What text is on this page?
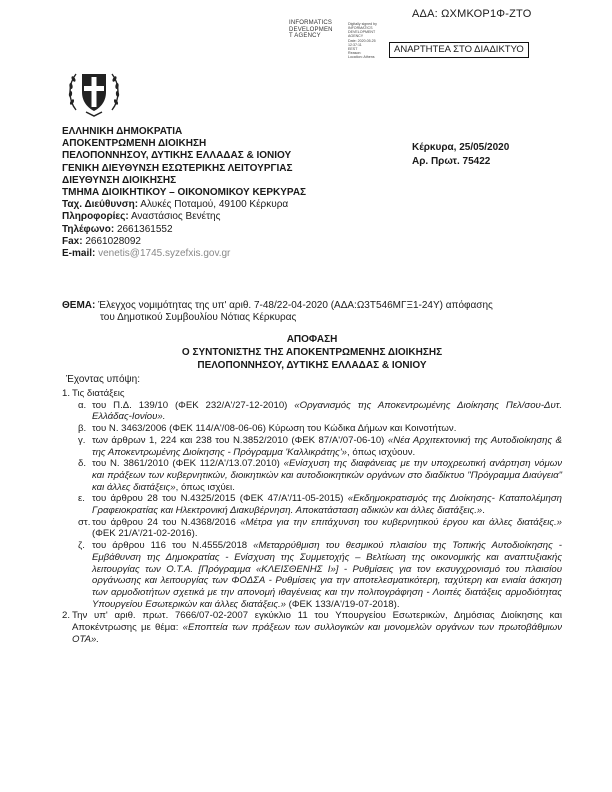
ΑΔΑ: ΩΧΜΚΟΡ1Φ-ΖΤΟ
INFORMATICS
DEVELOPMEN
T AGENCY
Digitally signed by
INFORMATICS
DEVELOPMENT AGENCY
Date: 2020.05.25 12:37:11
EEST
Reason:
Location: Athens
ΑΝΑΡΤΗΤΕΑ ΣΤΟ ΔΙΑΔΙΚΤΥΟ
ΕΛΛΗΝΙΚΗ ΔΗΜΟΚΡΑΤΙΑ
ΑΠΟΚΕΝΤΡΩΜΕΝΗ ΔΙΟΙΚΗΣΗ
ΠΕΛΟΠΟΝΝΗΣΟΥ, ΔΥΤΙΚΗΣ ΕΛΛΑΔΑΣ & ΙΟΝΙΟΥ
ΓΕΝΙΚΗ ΔΙΕΥΘΥΝΣΗ ΕΣΩΤΕΡΙΚΗΣ ΛΕΙΤΟΥΡΓΙΑΣ
ΔΙΕΥΘΥΝΣΗ ΔΙΟΙΚΗΣΗΣ
ΤΜΗΜΑ ΔΙΟΙΚΗΤΙΚΟΥ – ΟΙΚΟΝΟΜΙΚΟΥ ΚΕΡΚΥΡΑΣ
Ταχ. Διεύθυνση: Αλυκές Ποταμού, 49100 Κέρκυρα
Πληροφορίες: Αναστάσιος Βενέτης
Τηλέφωνο: 2661361552
Fax: 2661028092
E-mail: venetis@1745.syzefxis.gov.gr
Κέρκυρα, 25/05/2020
Αρ. Πρωτ. 75422
ΘΕΜΑ: Έλεγχος νομιμότητας της υπ' αριθ. 7-48/22-04-2020 (ΑΔΑ:Ω3Τ546ΜΓΞ1-24Υ) απόφασης
του Δημοτικού Συμβουλίου Νότιας Κέρκυρας
ΑΠΟΦΑΣΗ
Ο ΣΥΝΤΟΝΙΣΤΗΣ ΤΗΣ ΑΠΟΚΕΝΤΡΩΜΕΝΗΣ ΔΙΟΙΚΗΣΗΣ
ΠΕΛΟΠΟΝΝΗΣΟΥ, ΔΥΤΙΚΗΣ ΕΛΛΑΔΑΣ & ΙΟΝΙΟΥ
Έχοντας υπόψη:
1. Τις διατάξεις
α. του Π.Δ. 139/10 (ΦΕΚ 232/Α'/27-12-2010) «Οργανισμός της Αποκεντρωμένης Διοίκησης Πελ/σου-Δυτ. Ελλάδας-Ιονίου».
β. του Ν. 3463/2006 (ΦΕΚ 114/Α'/08-06-06) Κύρωση του Κώδικα Δήμων και Κοινοτήτων.
γ. των άρθρων 1, 224 και 238 του Ν.3852/2010 (ΦΕΚ 87/Α'/07-06-10) «Νέα Αρχιτεκτονική της Αυτοδιοίκησης & της Αποκεντρωμένης Διοίκησης - Πρόγραμμα 'Καλλικράτης'», όπως ισχύουν.
δ. του Ν. 3861/2010 (ΦΕΚ 112/Α'/13.07.2010) «Ενίσχυση της διαφάνειας με την υποχρεωτική ανάρτηση νόμων και πράξεων των κυβερνητικών, διοικητικών και αυτοδιοικητικών οργάνων στο διαδίκτυο "Πρόγραμμα Διαύγεια" και άλλες διατάξεις», όπως ισχύει.
ε. του άρθρου 28 του Ν.4325/2015 (ΦΕΚ 47/Α'/11-05-2015) «Εκδημοκρατισμός της Διοίκησης- Καταπολέμηση Γραφειοκρατίας και Ηλεκτρονική Διακυβέρνηση. Αποκατάσταση αδικιών και άλλες διατάξεις.».
στ. του άρθρου 24 του Ν.4368/2016 «Μέτρα για την επιτάχυνση του κυβερνητικού έργου και άλλες διατάξεις.» (ΦΕΚ 21/Α'/21-02-2016).
ζ. του άρθρου 116 του Ν.4555/2018 «Μεταρρύθμιση του θεσμικού πλαισίου της Τοπικής Αυτοδιοίκησης - Εμβάθυνση της Δημοκρατίας - Ενίσχυση της Συμμετοχής – Βελτίωση της οικονομικής και αναπτυξιακής λειτουργίας των Ο.Τ.Α. [Πρόγραμμα «ΚΛΕΙΣΘΕΝΗΣ Ι»] - Ρυθμίσεις για τον εκσυγχρονισμό του πλαισίου οργάνωσης και λειτουργίας των ΦΟΔΣΑ - Ρυθμίσεις για την αποτελεσματικότερη, ταχύτερη και ενιαία άσκηση των αρμοδιοτήτων σχετικά με την απονομή ιθαγένειας και την πολιτογράφηση - Λοιπές διατάξεις αρμοδιότητας Υπουργείου Εσωτερικών και άλλες διατάξεις.» (ΦΕΚ 133/Α'/19-07-2018).
2. Την υπ' αριθ. πρωτ. 7666/07-02-2007 εγκύκλιο 11 του Υπουργείου Εσωτερικών, Δημόσιας Διοίκησης και Αποκέντρωσης με θέμα: «Εποπτεία των πράξεων των συλλογικών και μονομελών οργάνων των πρωτοβάθμιων ΟΤΑ».
